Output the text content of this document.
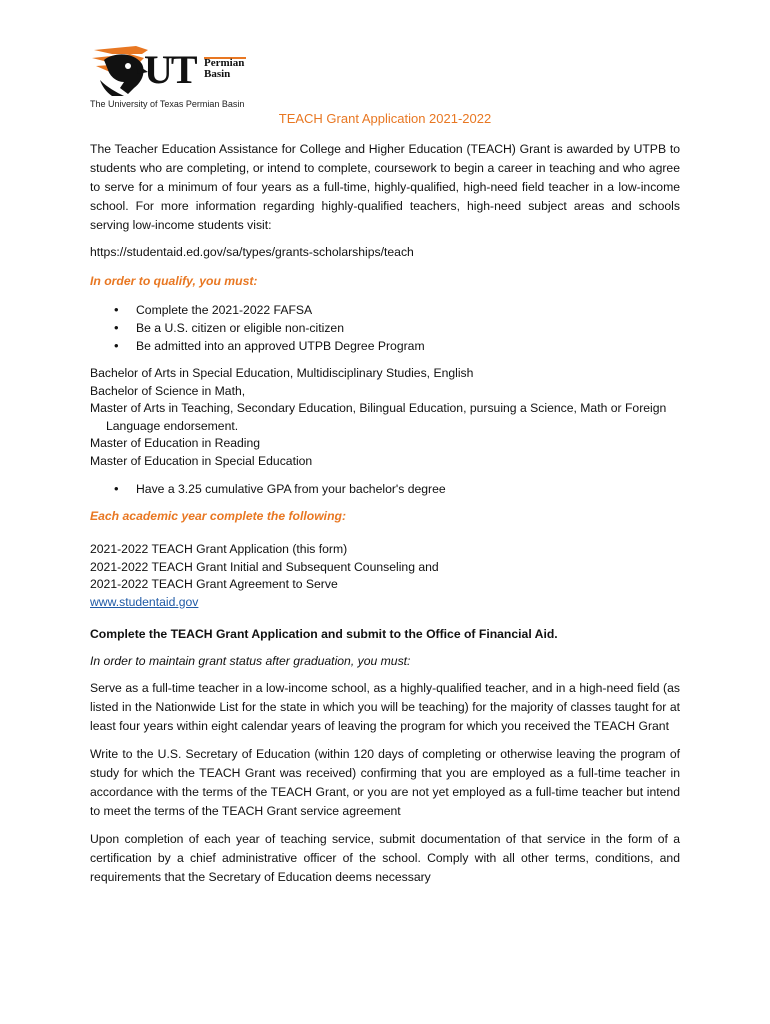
UT Permian
Basin
The University of Texas Permian Basin
TEACH Grant Application 2021-2022

The Teacher Education Assistance for College and Higher Education (TEACH) Grant is awarded by UTPB to students who are completing, or intend to complete, coursework to begin a career in teaching and who agree to serve for a minimum of four years as a full-time, highly-qualified, high-need field teacher in a low-income school. For more information regarding highly-qualified teachers, high-need subject areas and schools serving low-income students visit:

https://studentaid.ed.gov/sa/types/grants-scholarships/teach

In order to qualify, you must:

• Complete the 2021-2022 FAFSA
• Be a U.S. citizen or eligible non-citizen
• Be admitted into an approved UTPB Degree Program
Bachelor of Arts in Special Education, Multidisciplinary Studies, English
Bachelor of Science in Math,
Master of Arts in Teaching, Secondary Education, Bilingual Education, pursuing a Science, Math or Foreign Language endorsement.
Master of Education in Reading
Master of Education in Special Education
• Have a 3.25 cumulative GPA from your bachelor's degree

Each academic year complete the following:

2021-2022 TEACH Grant Application (this form)
2021-2022 TEACH Grant Initial and Subsequent Counseling and
2021-2022 TEACH Grant Agreement to Serve
www.studentaid.gov

Complete the TEACH Grant Application and submit to the Office of Financial Aid.

In order to maintain grant status after graduation, you must:

Serve as a full-time teacher in a low-income school, as a highly-qualified teacher, and in a high-need field (as listed in the Nationwide List for the state in which you will be teaching) for the majority of classes taught for at least four years within eight calendar years of leaving the program for which you received the TEACH Grant

Write to the U.S. Secretary of Education (within 120 days of completing or otherwise leaving the program of study for which the TEACH Grant was received) confirming that you are employed as a full-time teacher in accordance with the terms of the TEACH Grant, or you are not yet employed as a full-time teacher but intend to meet the terms of the TEACH Grant service agreement

Upon completion of each year of teaching service, submit documentation of that service in the form of a certification by a chief administrative officer of the school. Comply with all other terms, conditions, and requirements that the Secretary of Education deems necessary
